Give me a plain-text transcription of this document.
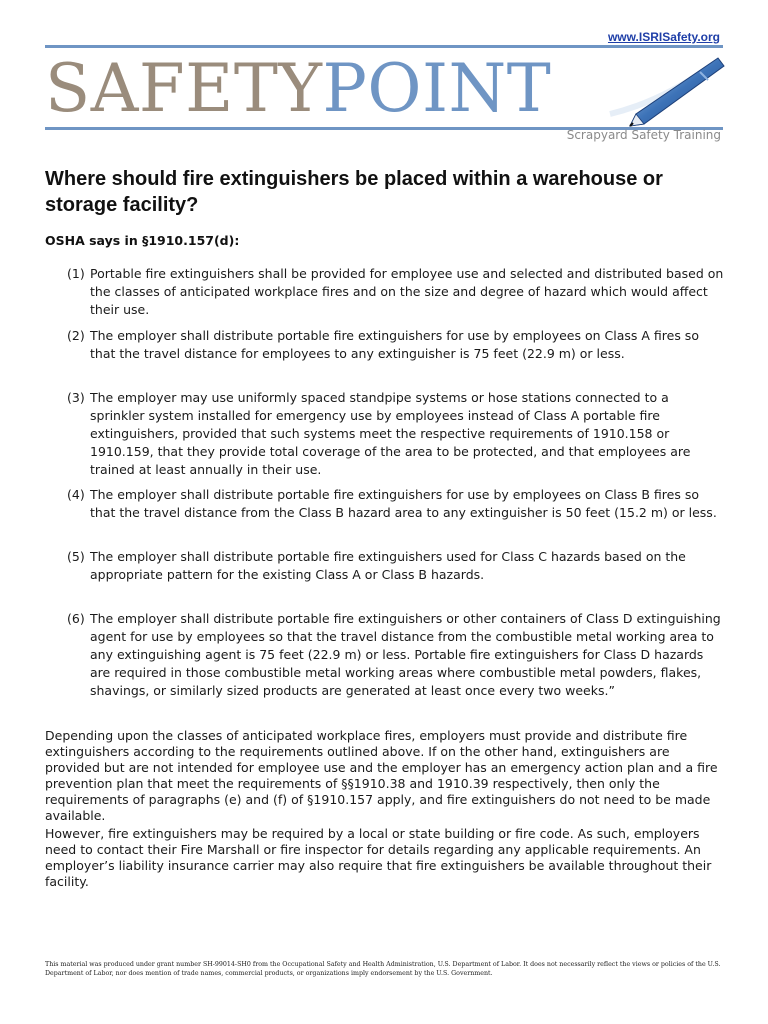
www.ISRISafety.org
SAFETYPOINT
Scrapyard Safety Training
Where should fire extinguishers be placed within a warehouse or storage facility?

OSHA says in §1910.157(d):

(1) Portable fire extinguishers shall be provided for employee use and selected and distributed based on the classes of anticipated workplace fires and on the size and degree of hazard which would affect their use.
(2) The employer shall distribute portable fire extinguishers for use by employees on Class A fires so that the travel distance for employees to any extinguisher is 75 feet (22.9 m) or less.
(3) The employer may use uniformly spaced standpipe systems or hose stations connected to a sprinkler system installed for emergency use by employees instead of Class A portable fire extinguishers, provided that such systems meet the respective requirements of 1910.158 or 1910.159, that they provide total coverage of the area to be protected, and that employees are trained at least annually in their use.
(4) The employer shall distribute portable fire extinguishers for use by employees on Class B fires so that the travel distance from the Class B hazard area to any extinguisher is 50 feet (15.2 m) or less.
(5) The employer shall distribute portable fire extinguishers used for Class C hazards based on the appropriate pattern for the existing Class A or Class B hazards.
(6) The employer shall distribute portable fire extinguishers or other containers of Class D extinguishing agent for use by employees so that the travel distance from the combustible metal working area to any extinguishing agent is 75 feet (22.9 m) or less. Portable fire extinguishers for Class D hazards are required in those combustible metal working areas where combustible metal powders, flakes, shavings, or similarly sized products are generated at least once every two weeks.”

Depending upon the classes of anticipated workplace fires, employers must provide and distribute fire extinguishers according to the requirements outlined above. If on the other hand, extinguishers are provided but are not intended for employee use and the employer has an emergency action plan and a fire prevention plan that meet the requirements of §§1910.38 and 1910.39 respectively, then only the requirements of paragraphs (e) and (f) of §1910.157 apply, and fire extinguishers do not need to be made available.

However, fire extinguishers may be required by a local or state building or fire code. As such, employers need to contact their Fire Marshall or fire inspector for details regarding any applicable requirements. An employer’s liability insurance carrier may also require that fire extinguishers be available throughout their facility.

This material was produced under grant number SH-99014-SH0 from the Occupational Safety and Health Administration, U.S. Department of Labor. It does not necessarily reflect the views or policies of the U.S. Department of Labor, nor does mention of trade names, commercial products, or organizations imply endorsement by the U.S. Government.
